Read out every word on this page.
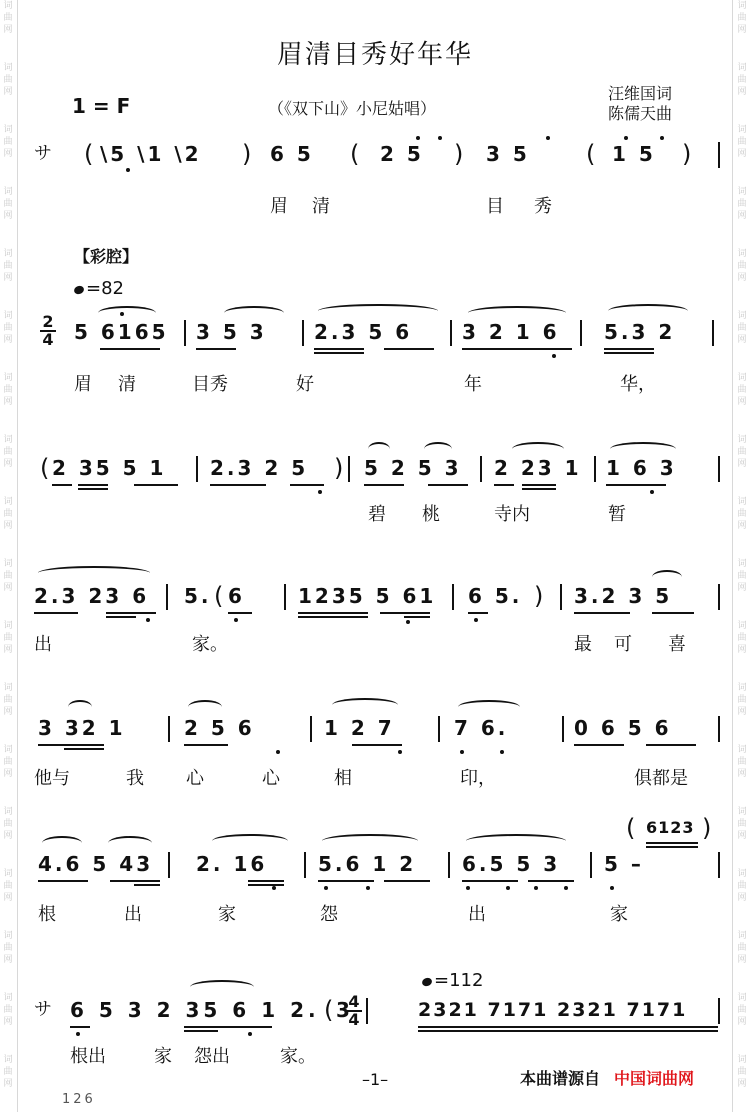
词
曲
网
词
曲
网
词
曲
网
词
曲
网
词
曲
网
词
曲
网
词
曲
网
词
曲
网
词
曲
网
词
曲
网
词
曲
网
词
曲
网
词
曲
网
词
曲
网
词
曲
网
词
曲
网
词
曲
网
词
曲
网
词
曲
网
词
曲
网
词
曲
网
词
曲
网
词
曲
网
词
曲
网
词
曲
网
词
曲
网
词
曲
网
词
曲
网
词
曲
网
词
曲
网
词
曲
网
词
曲
网
词
曲
网
词
曲
网
词
曲
网
词
曲
网
眉清目秀好年华
1 = F	（《双下山》小尼姑唱）
汪维国词
陈儒天曲
サ ( \5 \1 \2 ) 6 5 ( 2 5 ) 3 5 ( 1 5 )
眉 清	目 秀
【彩腔】
=82
2
4 5 6165 3 5 3 2.3 5 6 3 2 1 6 5.3 2
眉 清	目秀	好	年	华，
( 2 35 5 1 2.3 2 5 ) 5 2 5 3 2 23 1 1 6 3
碧 桃	寺内	暂
2.3 23 6 5. ( 6	1235 5 61 6 5. ) 3.2 3 5
出	家。	最 可 喜
3 32 1	2 5 6	1 2 7	7 6.	0 6 5 6
他与	我 心	心	相	印，	俱都是
4.6 5 43 2. 16	5.6 1 2 6.5 5 3 5 –
( 6123 )
根	出	家	怨	出	家
=112
サ 6 5 3 2 35 6 1 2. ( 3	2321 7171 2321 7171
4
4
根出	家 怨出	家。
–1–	本曲谱源自 中国词曲网
126
